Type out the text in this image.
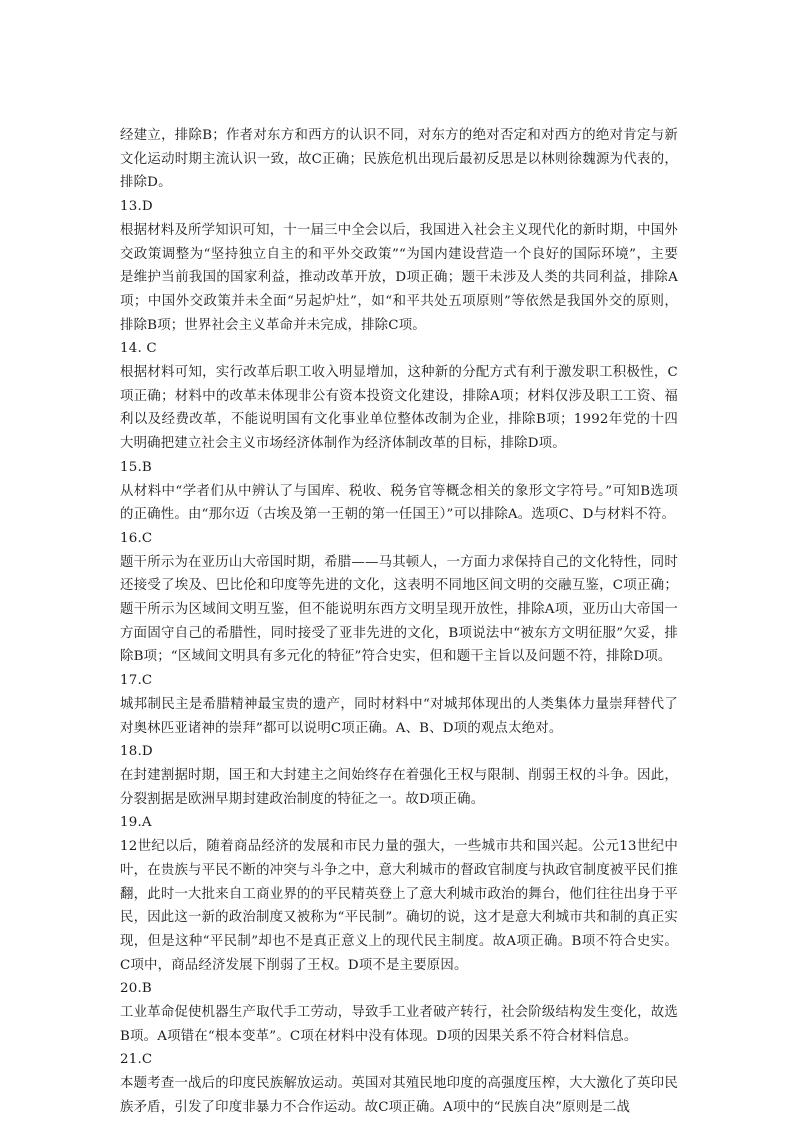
经建立，排除B；作者对东方和西方的认识不同，对东方的绝对否定和对西方的绝对肯定与新文化运动时期主流认识一致，故C正确；民族危机出现后最初反思是以林则徐魏源为代表的，排除D。

13.D

根据材料及所学知识可知，十一届三中全会以后，我国进入社会主义现代化的新时期，中国外交政策调整为“坚持独立自主的和平外交政策”“为国内建设营造一个良好的国际环境”，主要是维护当前我国的国家利益，推动改革开放，D项正确；题干未涉及人类的共同利益，排除A项；中国外交政策并未全面“另起炉灶”，如“和平共处五项原则”等依然是我国外交的原则，排除B项；世界社会主义革命并未完成，排除C项。

14. C

根据材料可知，实行改革后职工收入明显增加，这种新的分配方式有利于激发职工积极性，C项正确；材料中的改革未体现非公有资本投资文化建设，排除A项；材料仅涉及职工工资、福利以及经费改革，不能说明国有文化事业单位整体改制为企业，排除B项；1992年党的十四大明确把建立社会主义市场经济体制作为经济体制改革的目标，排除D项。

15.B

从材料中“学者们从中辨认了与国库、税收、税务官等概念相关的象形文字符号。”可知B选项的正确性。由“那尔迈（古埃及第一王朝的第一任国王）”可以排除A。选项C、D与材料不符。

16.C

题干所示为在亚历山大帝国时期，希腊——马其顿人，一方面力求保持自己的文化特性，同时还接受了埃及、巴比伦和印度等先进的文化，这表明不同地区间文明的交融互鉴，C项正确；题干所示为区域间文明互鉴，但不能说明东西方文明呈现开放性，排除A项，亚历山大帝国一方面固守自己的希腊性，同时接受了亚非先进的文化，B项说法中“被东方文明征服”欠妥，排除B项；“区域间文明具有多元化的特征”符合史实，但和题干主旨以及问题不符，排除D项。

17.C

城邦制民主是希腊精神最宝贵的遗产，同时材料中“对城邦体现出的人类集体力量崇拜替代了对奥林匹亚诸神的崇拜”都可以说明C项正确。A、B、D项的观点太绝对。

18.D

在封建割据时期，国王和大封建主之间始终存在着强化王权与限制、削弱王权的斗争。因此，分裂割据是欧洲早期封建政治制度的特征之一。故D项正确。

19.A

12世纪以后，随着商品经济的发展和市民力量的强大，一些城市共和国兴起。公元13世纪中叶，在贵族与平民不断的冲突与斗争之中，意大利城市的督政官制度与执政官制度被平民们推翻，此时一大批来自工商业界的的平民精英登上了意大利城市政治的舞台，他们往往出身于平民，因此这一新的政治制度又被称为“平民制”。确切的说，这才是意大利城市共和制的真正实现，但是这种“平民制”却也不是真正意义上的现代民主制度。故A项正确。B项不符合史实。C项中，商品经济发展下削弱了王权。D项不是主要原因。

20.B

工业革命促使机器生产取代手工劳动，导致手工业者破产转行，社会阶级结构发生变化，故选B项。A项错在“根本变革”。C项在材料中没有体现。D项的因果关系不符合材料信息。

21.C

本题考查一战后的印度民族解放运动。英国对其殖民地印度的高强度压榨，大大激化了英印民族矛盾，引发了印度非暴力不合作运动。故C项正确。A项中的“民族自决”原则是二战
